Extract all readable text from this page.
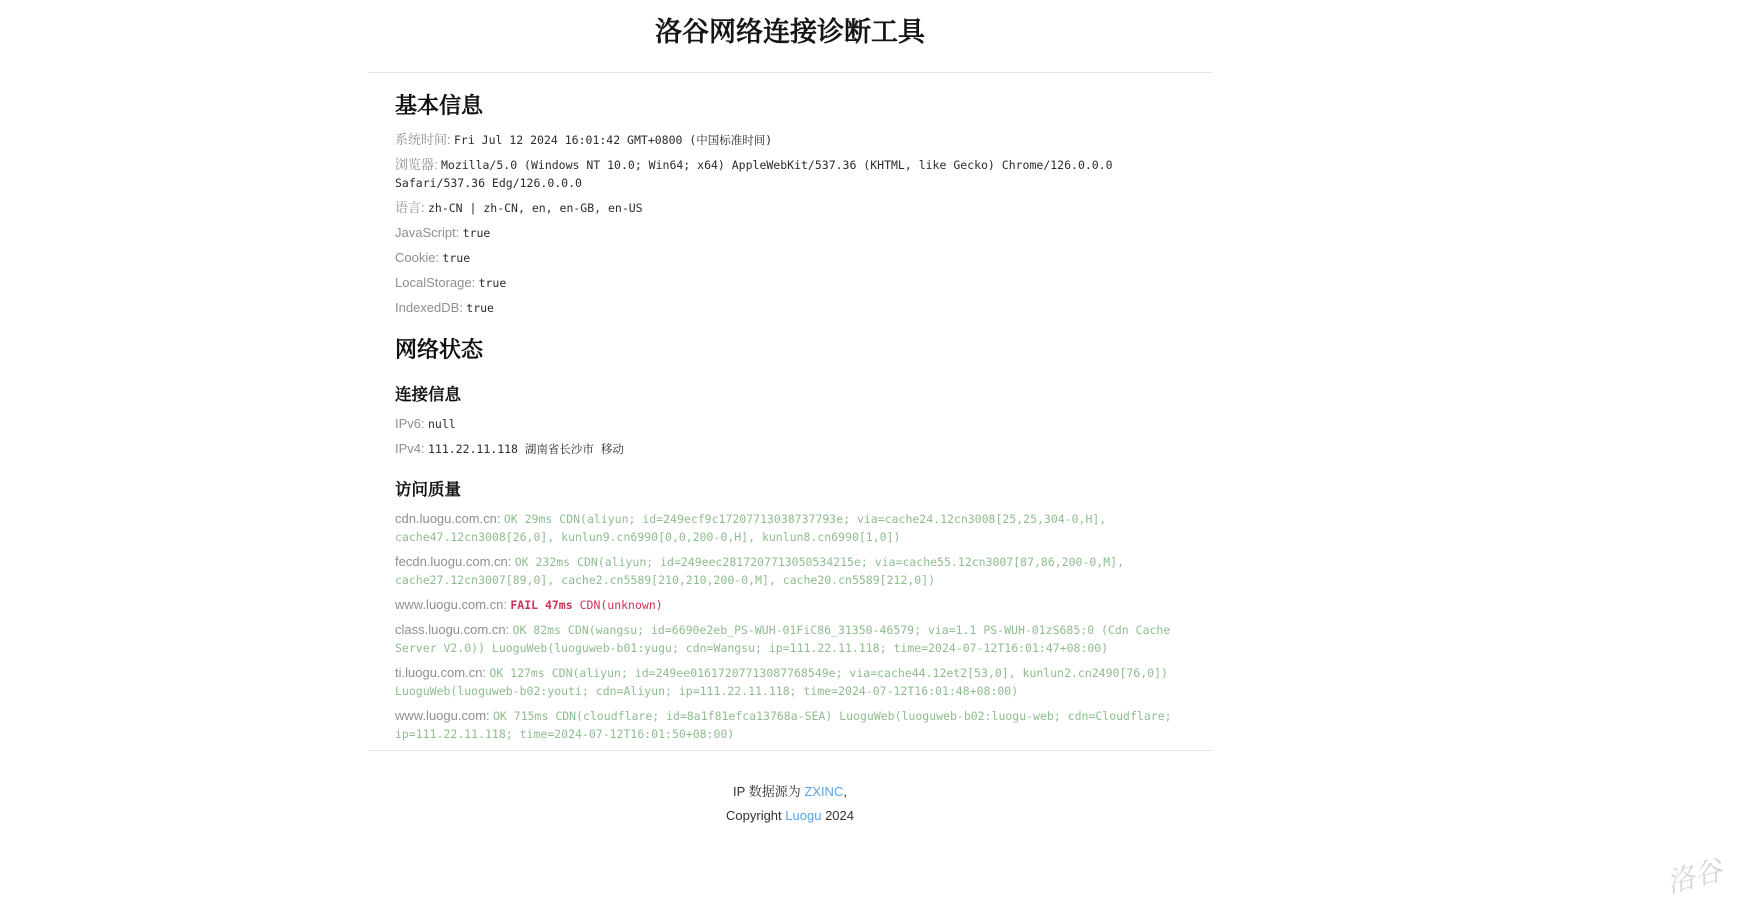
洛谷网络连接诊断工具
基本信息

系统时间: Fri Jul 12 2024 16:01:42 GMT+0800 (中国标准时间)

浏览器: Mozilla/5.0 (Windows NT 10.0; Win64; x64) AppleWebKit/537.36 (KHTML, like Gecko) Chrome/126.0.0.0 Safari/537.36 Edg/126.0.0.0

语言: zh-CN | zh-CN, en, en-GB, en-US

JavaScript: true

Cookie: true

LocalStorage: true

IndexedDB: true

网络状态
连接信息

IPv6: null

IPv4: 111.22.11.118 湖南省长沙市 移动

访问质量

cdn.luogu.com.cn: OK 29ms CDN(aliyun; id=249ecf9c17207713038737793e; via=cache24.12cn3008[25,25,304-0,H], cache47.12cn3008[26,0], kunlun9.cn6990[0,0,200-0,H], kunlun8.cn6990[1,0])

fecdn.luogu.com.cn: OK 232ms CDN(aliyun; id=249eec2817207713050534215e; via=cache55.12cn3007[87,86,200-0,M], cache27.12cn3007[89,0], cache2.cn5589[210,210,200-0,M], cache20.cn5589[212,0])

www.luogu.com.cn: FAIL 47ms CDN(unknown)

class.luogu.com.cn: OK 82ms CDN(wangsu; id=6690e2eb_PS-WUH-01FiC86_31350-46579; via=1.1 PS-WUH-01zS685:0 (Cdn Cache Server V2.0)) LuoguWeb(luoguweb-b01:yugu; cdn=Wangsu; ip=111.22.11.118; time=2024-07-12T16:01:47+08:00)

ti.luogu.com.cn: OK 127ms CDN(aliyun; id=249ee01617207713087768549e; via=cache44.12et2[53,0], kunlun2.cn2490[76,0]) LuoguWeb(luoguweb-b02:youti; cdn=Aliyun; ip=111.22.11.118; time=2024-07-12T16:01:48+08:00)

www.luogu.com: OK 715ms CDN(cloudflare; id=8a1f81efca13768a-SEA) LuoguWeb(luoguweb-b02:luogu-web; cdn=Cloudflare; ip=111.22.11.118; time=2024-07-12T16:01:50+08:00)

IP 数据源为 ZXINC,

Copyright Luogu 2024

洛谷
